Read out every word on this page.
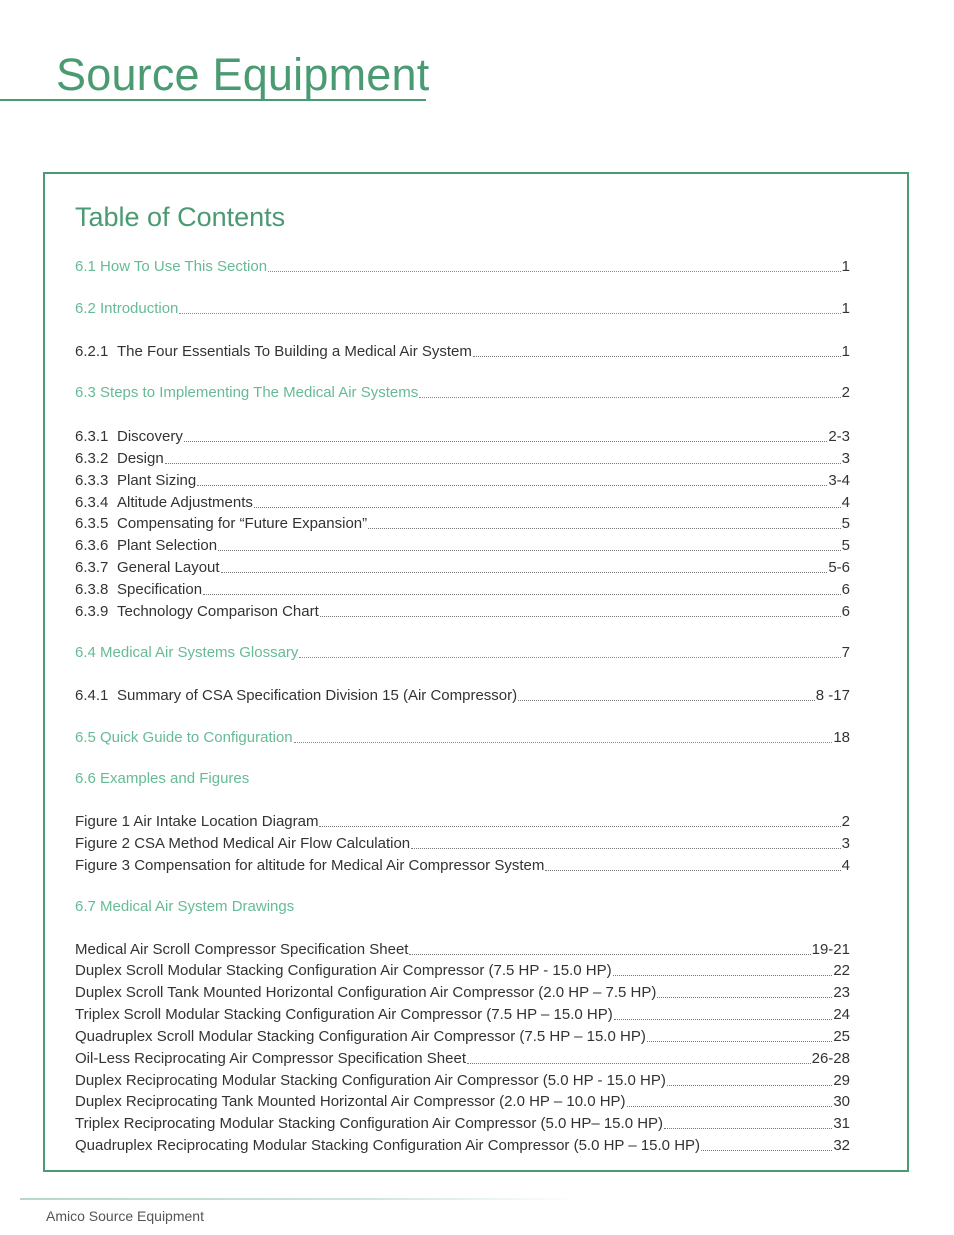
Source Equipment
Table of Contents
6.1 How To Use This Section	1
6.2 Introduction	1
6.2.1 The Four Essentials To Building a Medical Air System	1
6.3 Steps to Implementing The Medical Air Systems	2
6.3.1 Discovery	2-3
6.3.2 Design	3
6.3.3 Plant Sizing	3-4
6.3.4 Altitude Adjustments	4
6.3.5 Compensating for “Future Expansion”	5
6.3.6 Plant Selection	5
6.3.7 General Layout	5-6
6.3.8 Specification	6
6.3.9 Technology Comparison Chart	6
6.4 Medical Air Systems Glossary	7
6.4.1 Summary of CSA Specification Division 15 (Air Compressor)	8 -17
6.5 Quick Guide to Configuration	18
6.6 Examples and Figures
Figure 1 Air Intake Location Diagram	2
Figure 2 CSA Method Medical Air Flow Calculation	3
Figure 3 Compensation for altitude for Medical Air Compressor System	4
6.7 Medical Air System Drawings
Medical Air Scroll Compressor Specification Sheet	19-21
Duplex Scroll Modular Stacking Configuration Air Compressor (7.5 HP - 15.0 HP)	22
Duplex Scroll Tank Mounted Horizontal Configuration Air Compressor (2.0 HP – 7.5 HP)	23
Triplex Scroll Modular Stacking Configuration Air Compressor (7.5 HP – 15.0 HP)	24
Quadruplex Scroll Modular Stacking Configuration Air Compressor (7.5 HP – 15.0 HP)	25
Oil-Less Reciprocating Air Compressor Specification Sheet	26-28
Duplex Reciprocating Modular Stacking Configuration Air Compressor (5.0 HP - 15.0 HP)	29
Duplex Reciprocating Tank Mounted Horizontal Air Compressor (2.0 HP – 10.0 HP)	30
Triplex Reciprocating Modular Stacking Configuration Air Compressor (5.0 HP– 15.0 HP)	31
Quadruplex Reciprocating Modular Stacking Configuration Air Compressor (5.0 HP – 15.0 HP)	32
Amico Source Equipment
